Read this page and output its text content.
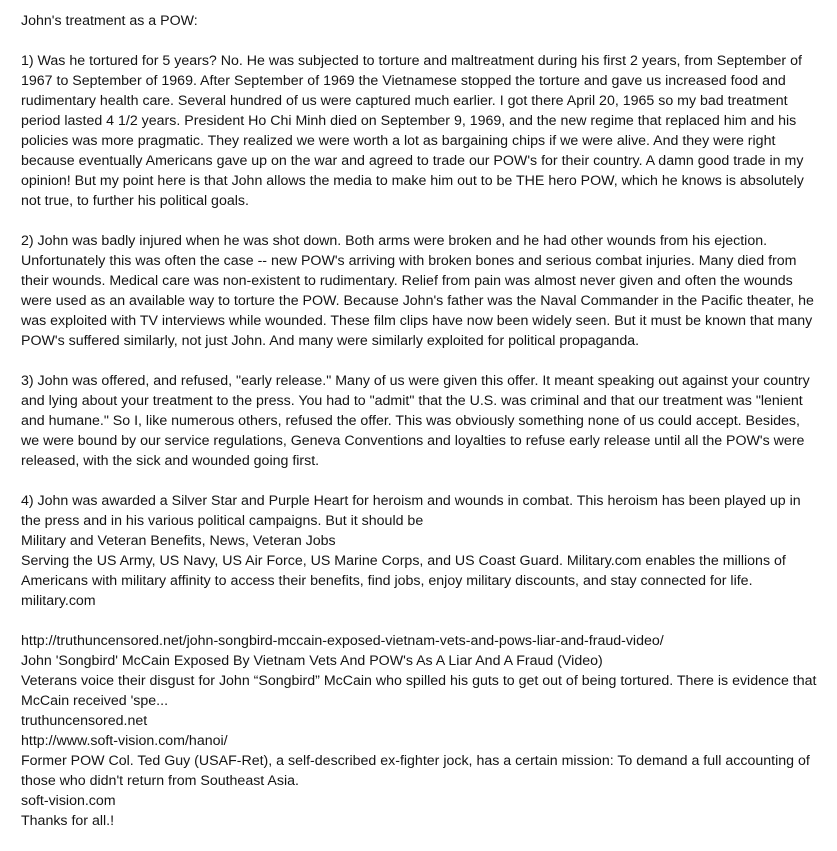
John's treatment as a POW:
1) Was he tortured for 5 years? No. He was subjected to torture and maltreatment during his first 2 years, from September of 1967 to September of 1969. After September of 1969 the Vietnamese stopped the torture and gave us increased food and rudimentary health care. Several hundred of us were captured much earlier. I got there April 20, 1965 so my bad treatment period lasted 4 1/2 years. President Ho Chi Minh died on September 9, 1969, and the new regime that replaced him and his policies was more pragmatic. They realized we were worth a lot as bargaining chips if we were alive. And they were right because eventually Americans gave up on the war and agreed to trade our POW's for their country. A damn good trade in my opinion! But my point here is that John allows the media to make him out to be THE hero POW, which he knows is absolutely not true, to further his political goals.
2) John was badly injured when he was shot down. Both arms were broken and he had other wounds from his ejection. Unfortunately this was often the case -- new POW's arriving with broken bones and serious combat injuries. Many died from their wounds. Medical care was non-existent to rudimentary. Relief from pain was almost never given and often the wounds were used as an available way to torture the POW. Because John's father was the Naval Commander in the Pacific theater, he was exploited with TV interviews while wounded. These film clips have now been widely seen. But it must be known that many POW's suffered similarly, not just John. And many were similarly exploited for political propaganda.
3) John was offered, and refused, "early release." Many of us were given this offer. It meant speaking out against your country and lying about your treatment to the press. You had to "admit" that the U.S. was criminal and that our treatment was "lenient and humane." So I, like numerous others, refused the offer. This was obviously something none of us could accept. Besides, we were bound by our service regulations, Geneva Conventions and loyalties to refuse early release until all the POW's were released, with the sick and wounded going first.
4) John was awarded a Silver Star and Purple Heart for heroism and wounds in combat. This heroism has been played up in the press and in his various political campaigns. But it should be
Military and Veteran Benefits, News, Veteran Jobs
Serving the US Army, US Navy, US Air Force, US Marine Corps, and US Coast Guard. Military.com enables the millions of Americans with military affinity to access their benefits, find jobs, enjoy military discounts, and stay connected for life.
military.com
http://truthuncensored.net/john-songbird-mccain-exposed-vietnam-vets-and-pows-liar-and-fraud-video/
John 'Songbird' McCain Exposed By Vietnam Vets And POW's As A Liar And A Fraud (Video)
Veterans voice their disgust for John “Songbird” McCain who spilled his guts to get out of being tortured. There is evidence that McCain received 'spe...
truthuncensored.net
http://www.soft-vision.com/hanoi/
Former POW Col. Ted Guy (USAF-Ret), a self-described ex-fighter jock, has a certain mission: To demand a full accounting of those who didn't return from Southeast Asia.
soft-vision.com
Thanks for all.!
